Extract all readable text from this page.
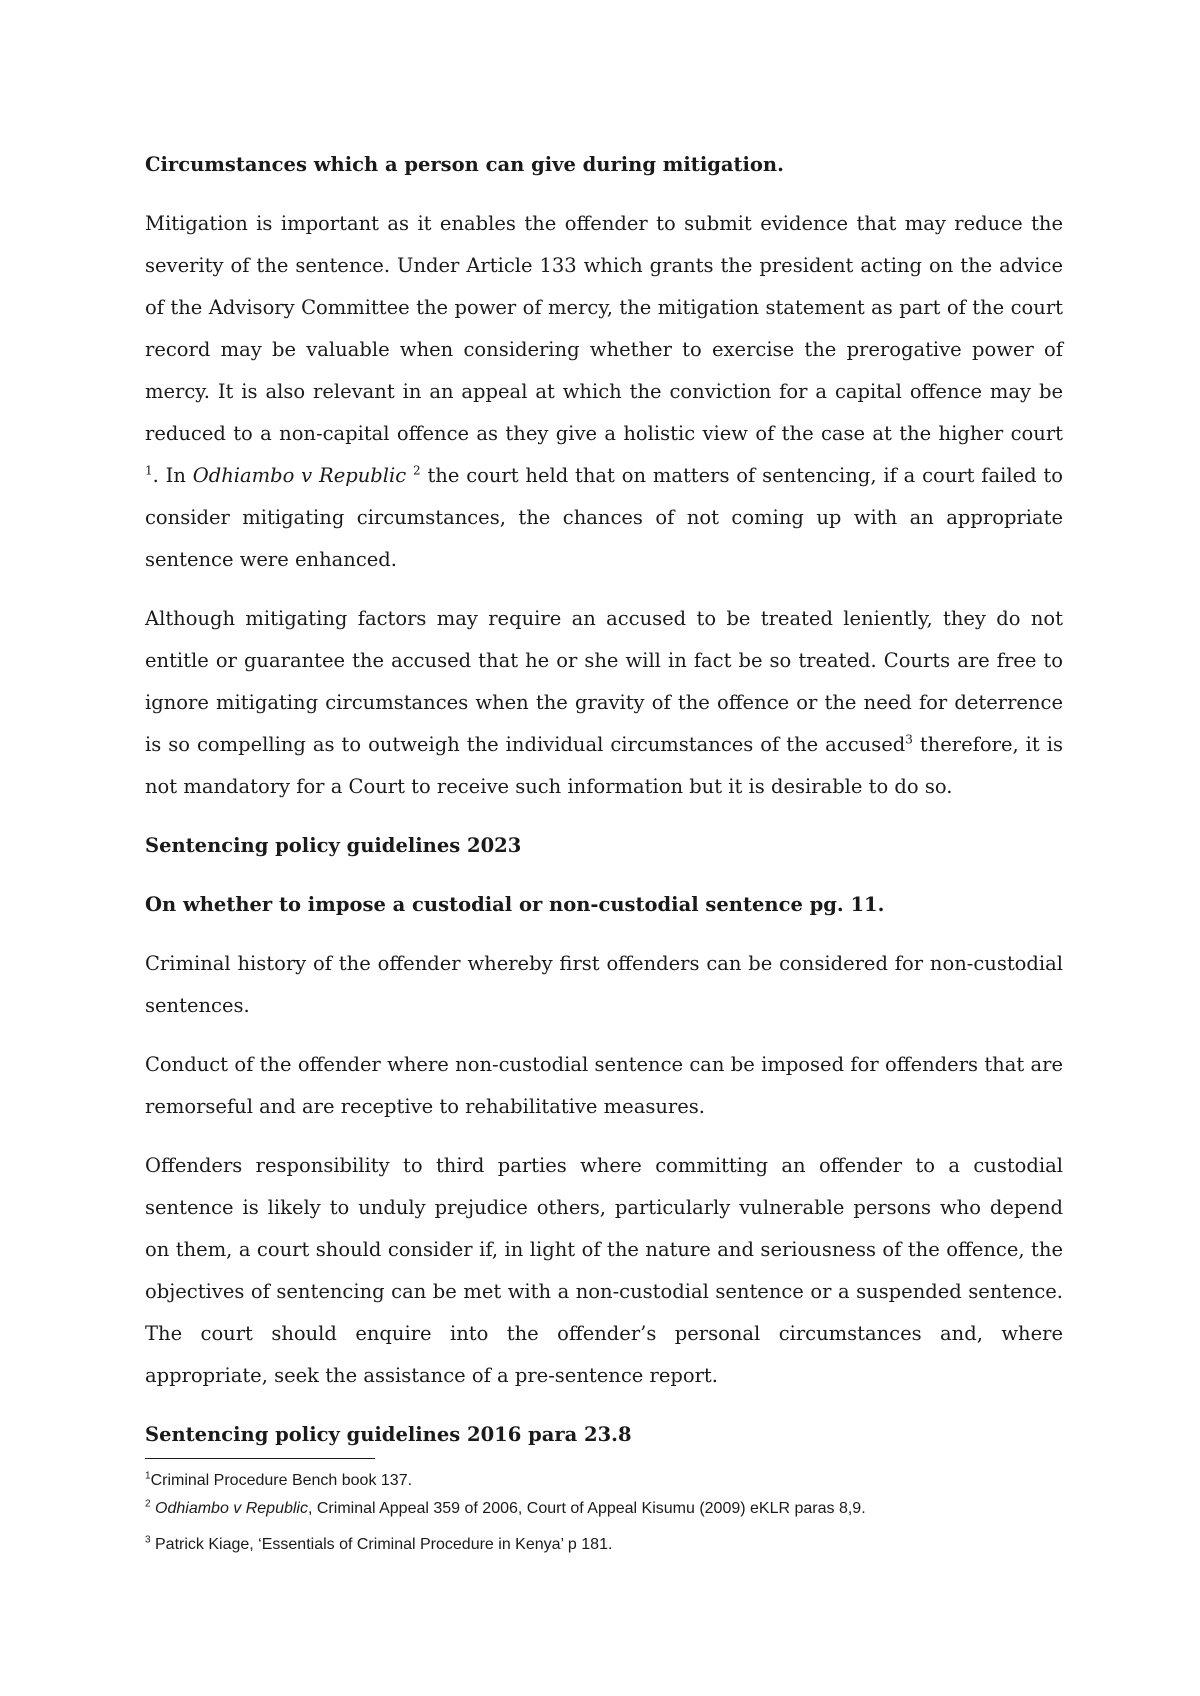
Circumstances which a person can give during mitigation.

Mitigation is important as it enables the offender to submit evidence that may reduce the severity of the sentence. Under Article 133 which grants the president acting on the advice of the Advisory Committee the power of mercy, the mitigation statement as part of the court record may be valuable when considering whether to exercise the prerogative power of mercy. It is also relevant in an appeal at which the conviction for a capital offence may be reduced to a non-capital offence as they give a holistic view of the case at the higher court $^1$. In Odhiambo v Republic $^2$ the court held that on matters of sentencing, if a court failed to consider mitigating circumstances, the chances of not coming up with an appropriate sentence were enhanced.

Although mitigating factors may require an accused to be treated leniently, they do not entitle or guarantee the accused that he or she will in fact be so treated. Courts are free to ignore mitigating circumstances when the gravity of the offence or the need for deterrence is so compelling as to outweigh the individual circumstances of the accused$^3$ therefore, it is not mandatory for a Court to receive such information but it is desirable to do so.

Sentencing policy guidelines 2023
On whether to impose a custodial or non-custodial sentence pg. 11.

Criminal history of the offender whereby first offenders can be considered for non-custodial sentences.

Conduct of the offender where non-custodial sentence can be imposed for offenders that are remorseful and are receptive to rehabilitative measures.

Offenders responsibility to third parties where committing an offender to a custodial sentence is likely to unduly prejudice others, particularly vulnerable persons who depend on them, a court should consider if, in light of the nature and seriousness of the offence, the objectives of sentencing can be met with a non-custodial sentence or a suspended sentence. The court should enquire into the offender’s personal circumstances and, where appropriate, seek the assistance of a pre-sentence report.

Sentencing policy guidelines 2016 para 23.8

$^1$Criminal Procedure Bench book 137.

$^2$ Odhiambo v Republic, Criminal Appeal 359 of 2006, Court of Appeal Kisumu (2009) eKLR paras 8,9.

$^3$ Patrick Kiage, ‘Essentials of Criminal Procedure in Kenya’ p 181.
